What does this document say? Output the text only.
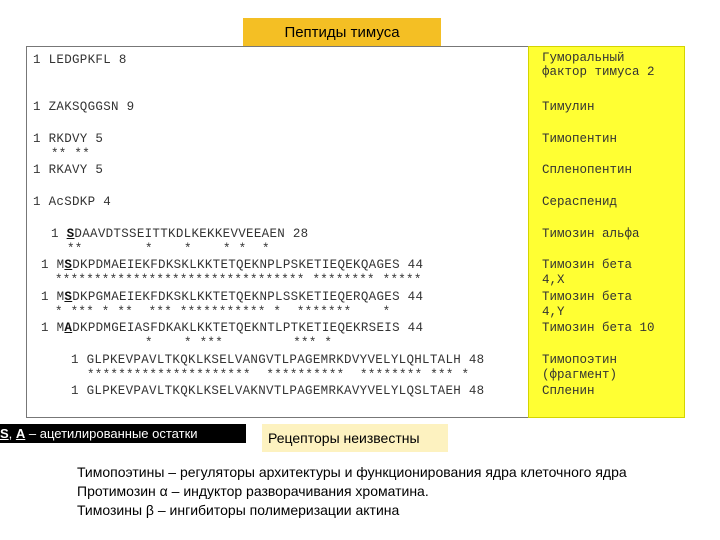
Пептиды тимуса
1 LEDGPKFL 8
1 ZAKSQGGSN 9
1 RKDVY 5
** **
1 RKAVY 5
1 AcSDKP 4
1 SDAAVDTSSEITTKDLKEKKEVVEEAEN 28
**        *    *    * *  *
1 MSDKPDMAEIEKFDKSKLKKTETQEKNPLPSKETIEQEKQAGES 44
******************************** ******** *****
1 MSDKPGMAEIEKFDKSKLKKTETQEKNPLSSKETIEQERQAGES 44
* *** * **  *** *********** *  *******    *
1 MADKPDMGEIASFDKAKLKKTETQEKNTLPTKETIEQEKRSEIS 44
*    * ***         *** *
1 GLPKEVPAVLTKQKLKSELVANGVTLPAGEMRKDVYVELYLQHLTALH 48
*********************  **********  ******** *** *
1 GLPKEVPAVLTKQKLKSELVAKNVTLPAGEMRKAVYVELYLQSLTAEH 48
Гуморальный
фактор тимуса 2
Тимулин
Тимопентин
Спленопентин
Сераспенид
Тимозин альфа
Тимозин бета
4,X
Тимозин бета
4,Y
Тимозин бета 10
Тимопоэтин
(фрагмент)
Спленин
S, A – ацетилированные остатки	Рецепторы неизвестны
Тимопоэтины – регуляторы архитектуры и функционирования ядра клеточного ядра
Протимозин α – индуктор разворачивания хроматина.
Тимозины β – ингибиторы полимеризации актина
